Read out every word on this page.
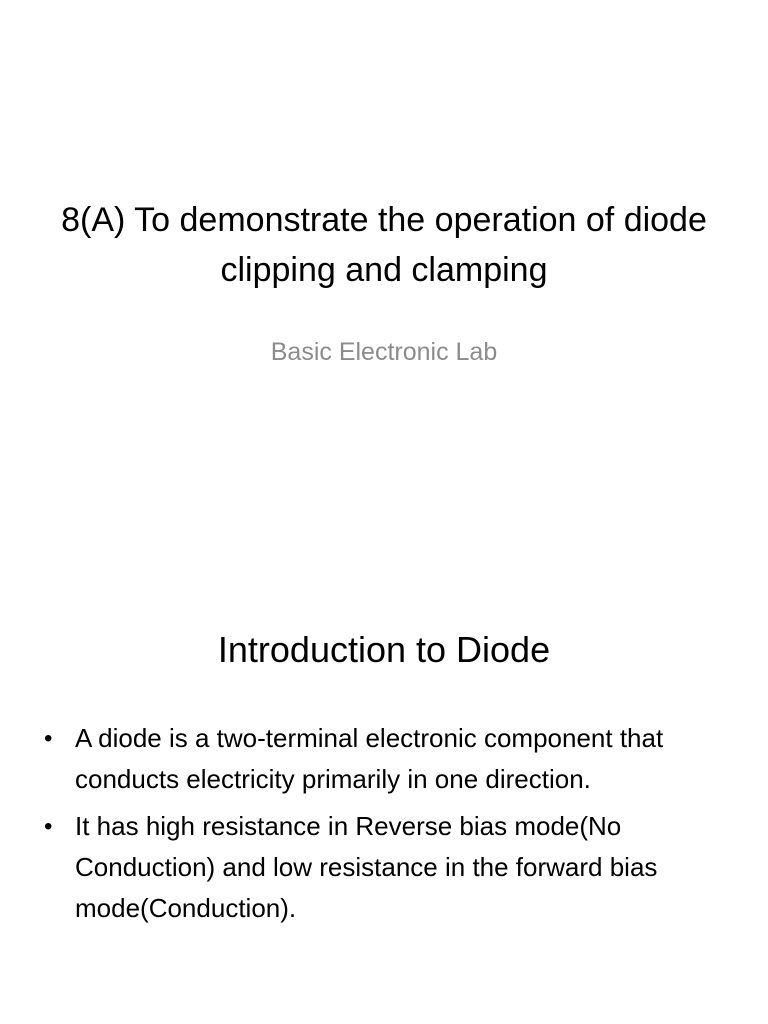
8(A) To demonstrate the operation of diode clipping and clamping

Basic Electronic Lab

Introduction to Diode
• A diode is a two-terminal electronic component that conducts electricity primarily in one direction.
• It has high resistance in Reverse bias mode(No Conduction) and low resistance in the forward bias mode(Conduction).
